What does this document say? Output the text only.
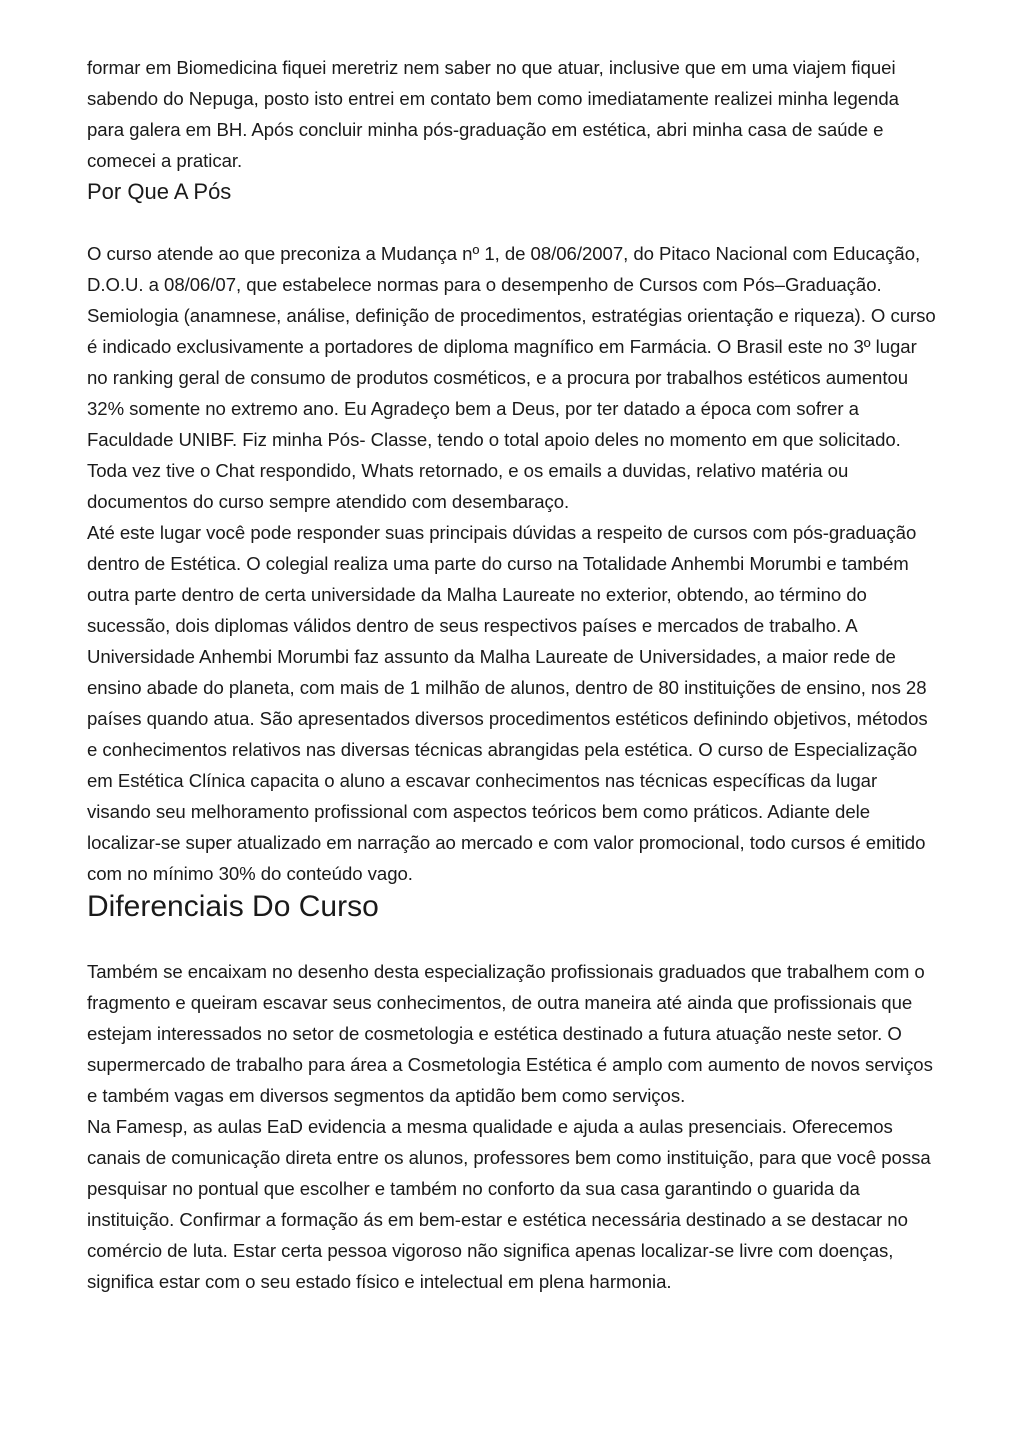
formar em Biomedicina fiquei meretriz nem saber no que atuar, inclusive que em uma viajem fiquei sabendo do Nepuga, posto isto entrei em contato bem como imediatamente realizei minha legenda para galera em BH. Após concluir minha pós-graduação em estética, abri minha casa de saúde e comecei a praticar.

Por Que A Pós

O curso atende ao que preconiza a Mudança nº 1, de 08/06/2007, do Pitaco Nacional com Educação, D.O.U. a 08/06/07, que estabelece normas para o desempenho de Cursos com Pós–Graduação. Semiologia (anamnese, análise, definição de procedimentos, estratégias orientação e riqueza). O curso é indicado exclusivamente a portadores de diploma magnífico em Farmácia. O Brasil este no 3º lugar no ranking geral de consumo de produtos cosméticos, e a procura por trabalhos estéticos aumentou 32% somente no extremo ano. Eu Agradeço bem a Deus, por ter datado a época com sofrer a Faculdade UNIBF. Fiz minha Pós- Classe, tendo o total apoio deles no momento em que solicitado. Toda vez tive o Chat respondido, Whats retornado, e os emails a duvidas, relativo matéria ou documentos do curso sempre atendido com desembaraço.

Até este lugar você pode responder suas principais dúvidas a respeito de cursos com pós-graduação dentro de Estética. O colegial realiza uma parte do curso na Totalidade Anhembi Morumbi e também outra parte dentro de certa universidade da Malha Laureate no exterior, obtendo, ao término do sucessão, dois diplomas válidos dentro de seus respectivos países e mercados de trabalho. A Universidade Anhembi Morumbi faz assunto da Malha Laureate de Universidades, a maior rede de ensino abade do planeta, com mais de 1 milhão de alunos, dentro de 80 instituições de ensino, nos 28 países quando atua. São apresentados diversos procedimentos estéticos definindo objetivos, métodos e conhecimentos relativos nas diversas técnicas abrangidas pela estética. O curso de Especialização em Estética Clínica capacita o aluno a escavar conhecimentos nas técnicas específicas da lugar visando seu melhoramento profissional com aspectos teóricos bem como práticos. Adiante dele localizar-se super atualizado em narração ao mercado e com valor promocional, todo cursos é emitido com no mínimo 30% do conteúdo vago.

Diferenciais Do Curso

Também se encaixam no desenho desta especialização profissionais graduados que trabalhem com o fragmento e queiram escavar seus conhecimentos, de outra maneira até ainda que profissionais que estejam interessados no setor de cosmetologia e estética destinado a futura atuação neste setor. O supermercado de trabalho para área a Cosmetologia Estética é amplo com aumento de novos serviços e também vagas em diversos segmentos da aptidão bem como serviços.

Na Famesp, as aulas EaD evidencia a mesma qualidade e ajuda a aulas presenciais. Oferecemos canais de comunicação direta entre os alunos, professores bem como instituição, para que você possa pesquisar no pontual que escolher e também no conforto da sua casa garantindo o guarida da instituição. Confirmar a formação ás em bem-estar e estética necessária destinado a se destacar no comércio de luta. Estar certa pessoa vigoroso não significa apenas localizar-se livre com doenças, significa estar com o seu estado físico e intelectual em plena harmonia.
